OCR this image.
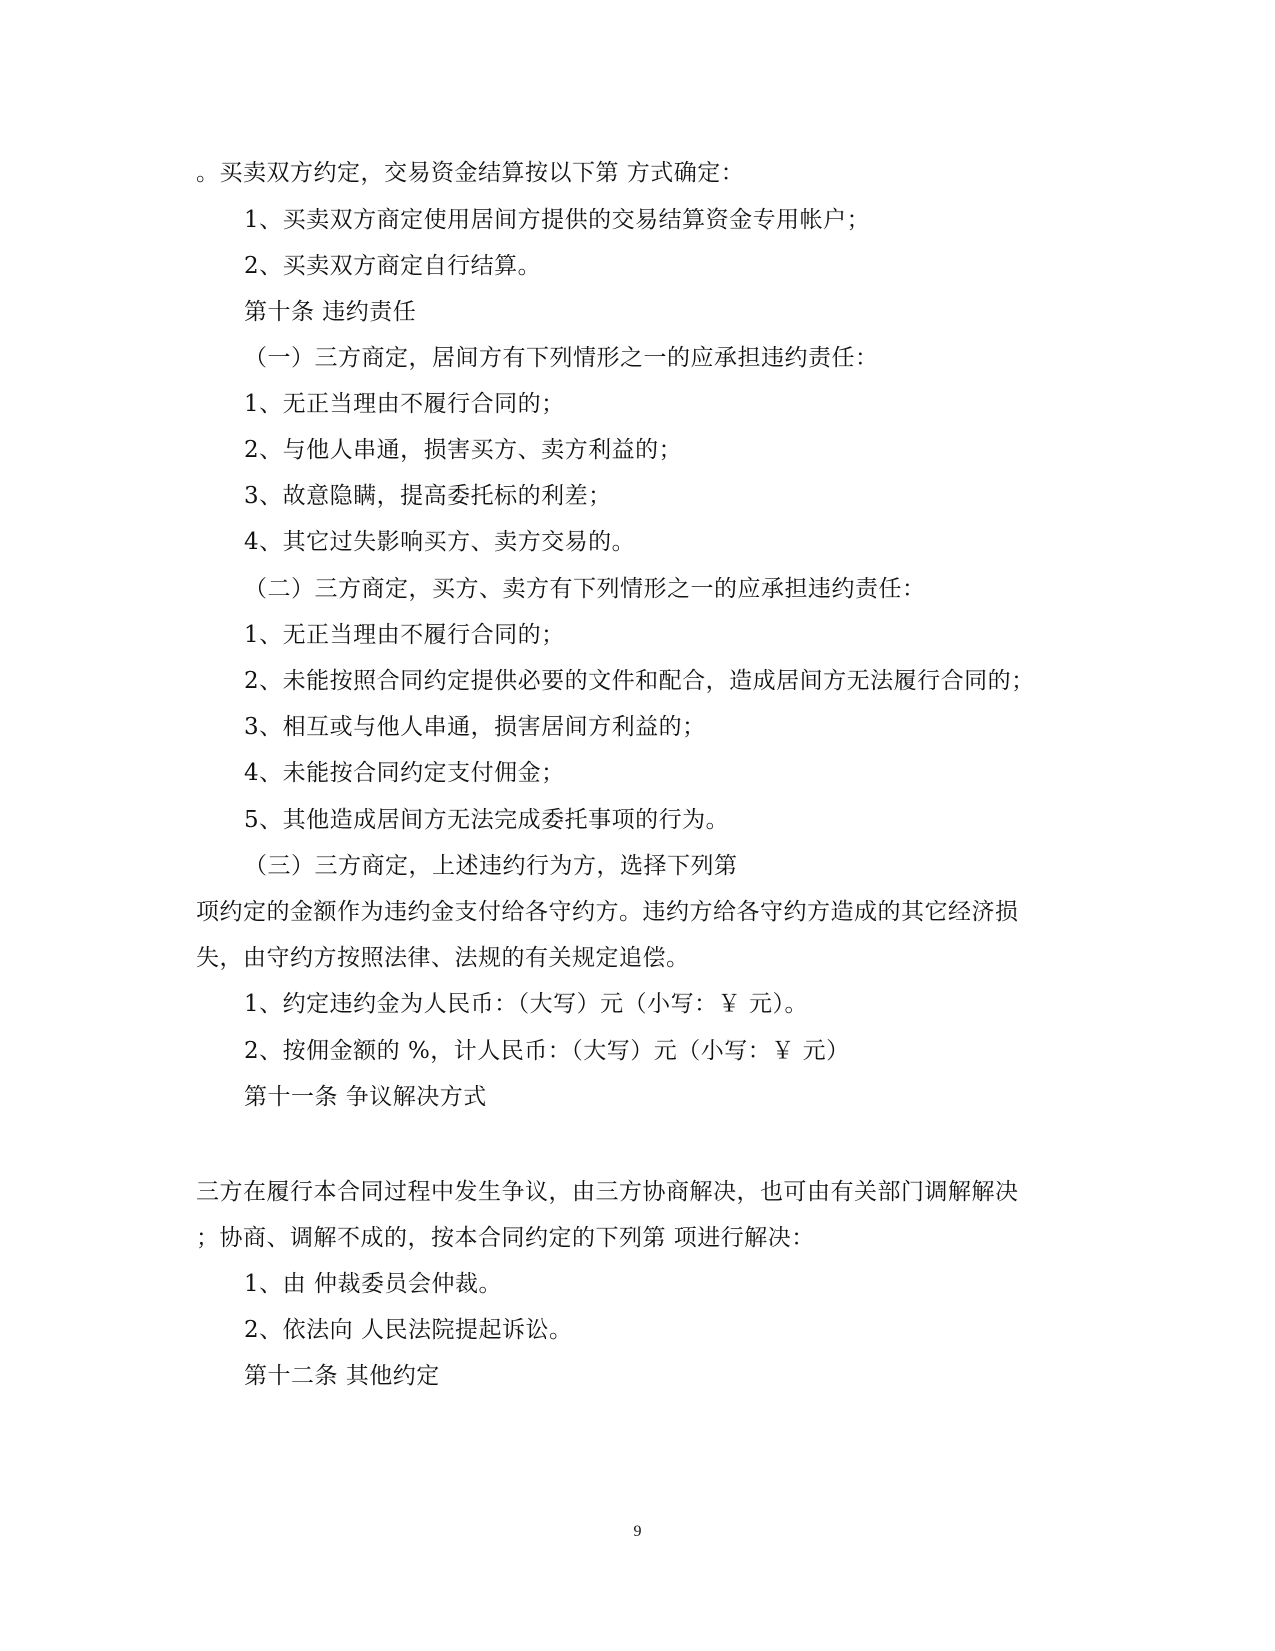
。买卖双方约定，交易资金结算按以下第 方式确定：
1、买卖双方商定使用居间方提供的交易结算资金专用帐户；
2、买卖双方商定自行结算。
第十条 违约责任
（一）三方商定，居间方有下列情形之一的应承担违约责任：
1、无正当理由不履行合同的；
2、与他人串通，损害买方、卖方利益的；
3、故意隐瞒，提高委托标的利差；
4、其它过失影响买方、卖方交易的。
（二）三方商定，买方、卖方有下列情形之一的应承担违约责任：
1、无正当理由不履行合同的；
2、未能按照合同约定提供必要的文件和配合，造成居间方无法履行合同的；
3、相互或与他人串通，损害居间方利益的；
4、未能按合同约定支付佣金；
5、其他造成居间方无法完成委托事项的行为。
（三）三方商定，上述违约行为方，选择下列第
项约定的金额作为违约金支付给各守约方。违约方给各守约方造成的其它经济损
失，由守约方按照法律、法规的有关规定追偿。
1、约定违约金为人民币：（大写）元（小写：￥ 元）。
2、按佣金额的 %，计人民币：（大写）元（小写：￥ 元）
第十一条 争议解决方式
三方在履行本合同过程中发生争议，由三方协商解决，也可由有关部门调解解决
；协商、调解不成的，按本合同约定的下列第 项进行解决：
1、由 仲裁委员会仲裁。
2、依法向 人民法院提起诉讼。
第十二条 其他约定
9
